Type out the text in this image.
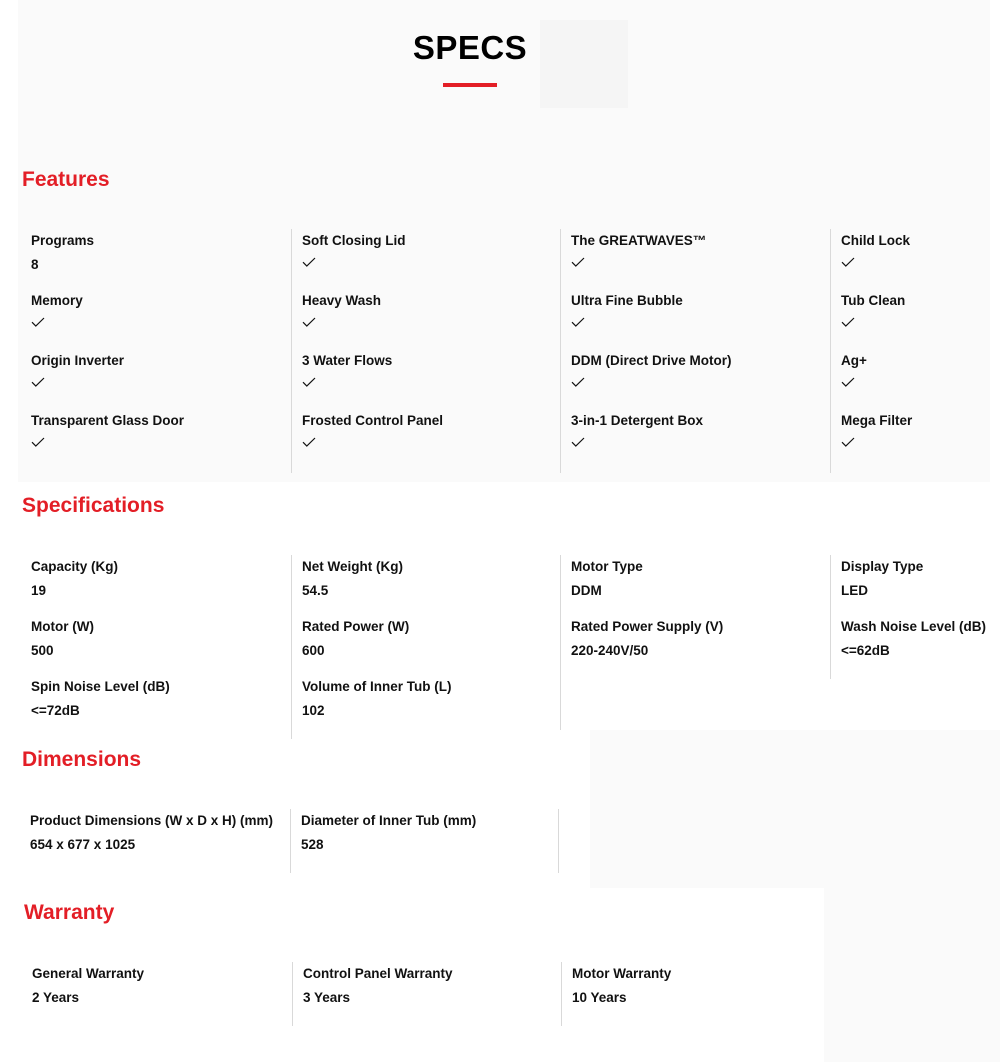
SPECS
Features
Programs
8
Memory
Origin Inverter
Transparent Glass Door
Soft Closing Lid
Heavy Wash
3 Water Flows
Frosted Control Panel
The GREATWAVES™
Ultra Fine Bubble
DDM (Direct Drive Motor)
3-in-1 Detergent Box
Child Lock
Tub Clean
Ag+
Mega Filter
Specifications
Capacity (Kg)
19
Motor (W)
500
Spin Noise Level (dB)
<=72dB
Net Weight (Kg)
54.5
Rated Power (W)
600
Volume of Inner Tub (L)
102
Motor Type
DDM
Rated Power Supply (V)
220-240V/50
Display Type
LED
Wash Noise Level (dB)
<=62dB
Dimensions
Product Dimensions (W x D x H) (mm)
654 x 677 x 1025
Diameter of Inner Tub (mm)
528
Warranty
General Warranty
2 Years
Control Panel Warranty
3 Years
Motor Warranty
10 Years
